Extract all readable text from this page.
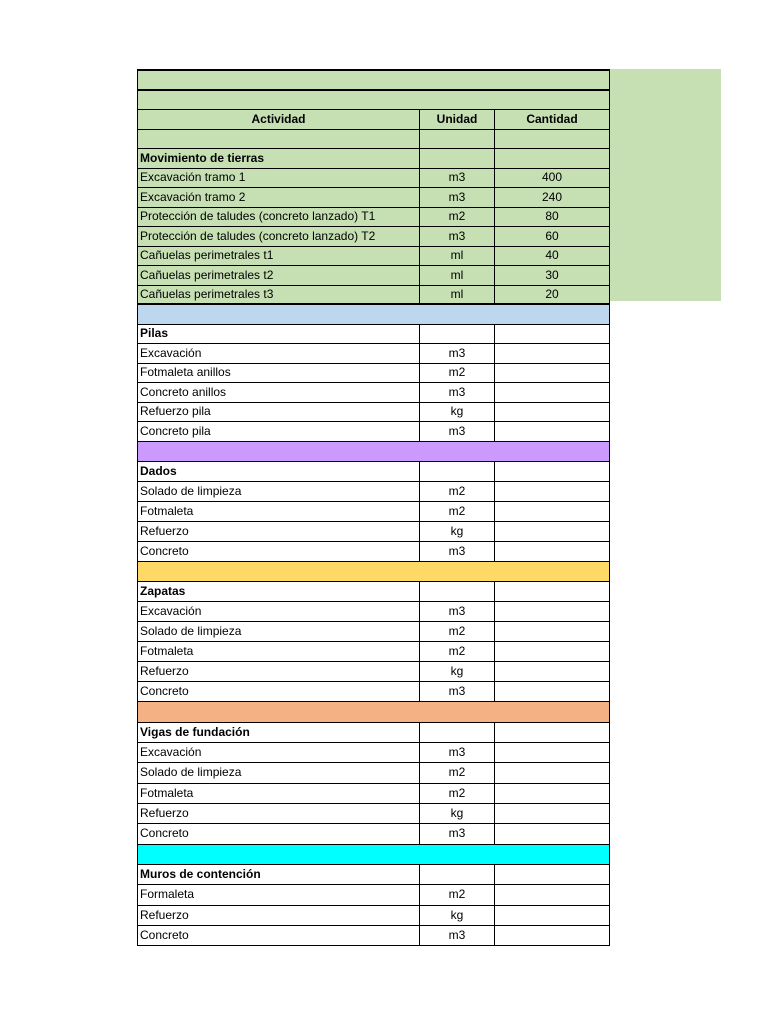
Actividad	Unidad	Cantidad

Movimiento de tierras		
Excavación tramo 1	m3	400
Excavación tramo 2	m3	240
Protección de taludes (concreto lanzado) T1	m2	80
Protección de taludes (concreto lanzado) T2	m3	60
Cañuelas perimetrales t1	ml	40
Cañuelas perimetrales t2	ml	30
Cañuelas perimetrales t3	ml	20

Pilas		
Excavación	m3	
Fotmaleta anillos	m2	
Concreto anillos	m3	
Refuerzo pila	kg	
Concreto pila	m3	

Dados		
Solado de limpieza	m2	
Fotmaleta	m2	
Refuerzo	kg	
Concreto	m3	

Zapatas		
Excavación	m3	
Solado de limpieza	m2	
Fotmaleta	m2	
Refuerzo	kg	
Concreto	m3	

Vigas de fundación		
Excavación	m3	
Solado de limpieza	m2	
Fotmaleta	m2	
Refuerzo	kg	
Concreto	m3	

Muros de contención		
Formaleta	m2	
Refuerzo	kg	
Concreto	m3	
